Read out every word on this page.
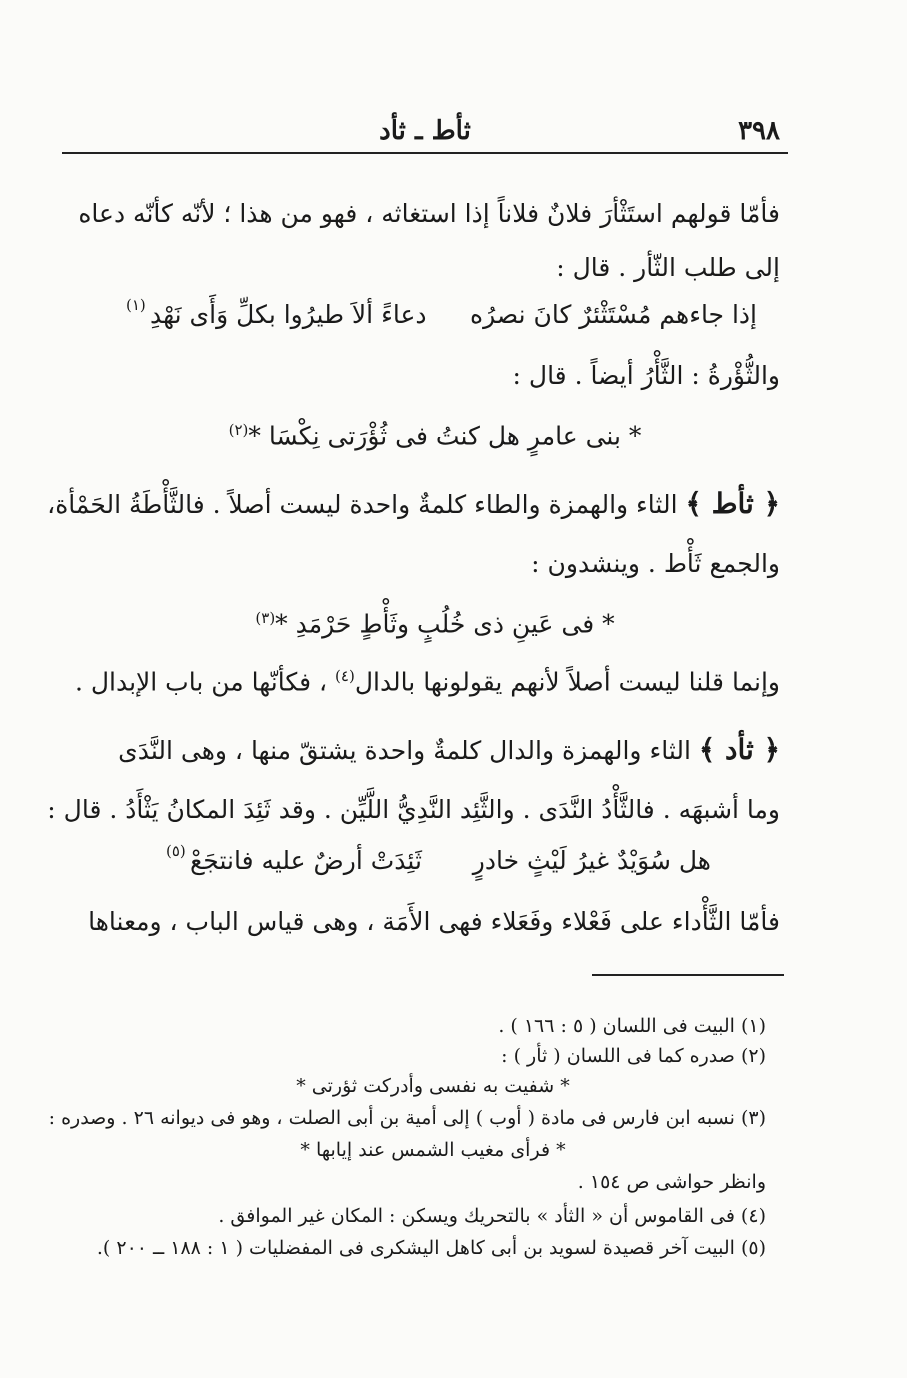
٣٩٨
ثأط ـ ثأد
فأمّا قولهم استَثْأرَ فلانٌ فلاناً إذا استغاثه ، فهو من هذا ؛ لأنّه كأنّه دعاه
إلى طلب الثّأر . قال :
إذا جاءهم مُسْتَثْئرٌ كانَ نصرُه
دعاءً ألاَ طيرُوا بكلِّ وَأَى نَهْدِ
(١)
والثُّؤْرةُ : الثَّأْرُ أيضاً . قال :
* بنى عامرٍ هل كنتُ فى ثُؤْرَتى نِكْسَا *$^{(٢)}$
﴿ ثأط ﴾ الثاء والهمزة والطاء كلمةٌ واحدة ليست أصلاً . فالثَّأْطَةُ الحَمْأة،
والجمع ثَأْط . وينشدون :
* فى عَينِ ذى خُلُبٍ وثَأْطٍ حَرْمَدِ *$^{(٣)}$
وإنما قلنا ليست أصلاً لأنهم يقولونها بالدال$^{(٤)}$ ، فكأنّها من باب الإبدال .
﴿ ثأد ﴾ الثاء والهمزة والدال كلمةٌ واحدة يشتقّ منها ، وهى النَّدَى
وما أشبهَه . فالثَّأْدُ النَّدَى . والثَّئِد النَّدِيُّ اللَّيِّن . وقد ثَئِدَ المكانُ يَثْأَدُ . قال :
هل سُوَيْدٌ غيرُ لَيْثٍ خادرٍ
ثَئِدَتْ أرضٌ عليه فانتجَعْ
(٥)
فأمّا الثَّأْداء على فَعْلاء وفَعَلاء فهى الأَمَة ، وهى قياس الباب ، ومعناها
(١) البيت فى اللسان ( ٥ : ١٦٦ ) .
(٢) صدره كما فى اللسان ( ثأر ) :
* شفيت به نفسى وأدركت ثؤرتى *
(٣) نسبه ابن فارس فى مادة ( أوب ) إلى أمية بن أبى الصلت ، وهو فى ديوانه ٢٦ . وصدره :
* فرأى مغيب الشمس عند إيابها *
وانظر حواشى ص ١٥٤ .
(٤) فى القاموس أن « الثأد » بالتحريك ويسكن : المكان غير الموافق .
(٥) البيت آخر قصيدة لسويد بن أبى كاهل اليشكرى فى المفضليات ( ١ : ١٨٨ ــ ٢٠٠ ).
